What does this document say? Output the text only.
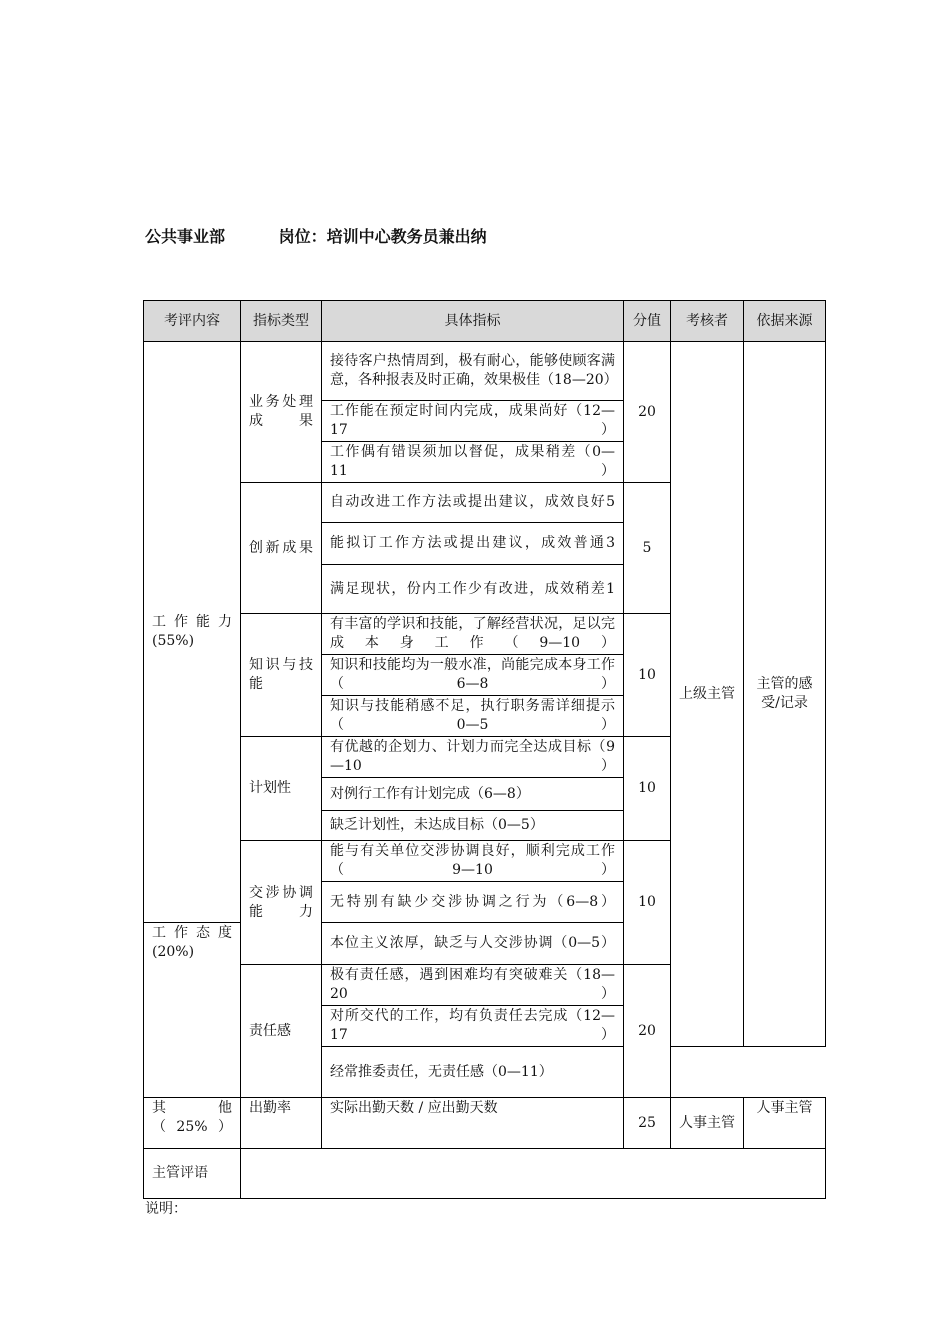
公共事业部	岗位：培训中心教务员兼出纳
考评内容	指标类型	具体指标	分值	考核者	依据来源
工作能力(55%)	业务处理成果	接待客户热情周到，极有耐心，能够使顾客满意，各种报表及时正确，效果极佳（18—20）	20	上级主管	主管的感受/记录
		工作能在预定时间内完成，成果尚好（12—17）			
		工作偶有错误须加以督促，成果稍差（0—11）			
	创新成果	自动改进工作方法或提出建议，成效良好5	5		
		能拟订工作方法或提出建议，成效普通3			
		满足现状，份内工作少有改进，成效稍差1			
	知识与技能	有丰富的学识和技能，了解经营状况，足以完成本身工作（9—10）	10		
		知识和技能均为一般水准，尚能完成本身工作（6—8）			
		知识与技能稍感不足，执行职务需详细提示（0—5）			
	计划性	有优越的企划力、计划力而完全达成目标（9—10）	10		
		对例行工作有计划完成（6—8）			
		缺乏计划性，未达成目标（0—5）			
	交涉协调能力	能与有关单位交涉协调良好，顺利完成工作（9—10）	10		
		无特别有缺少交涉协调之行为（6—8）			
工作态度(20%)		本位主义浓厚，缺乏与人交涉协调（0—5）			
	责任感	极有责任感，遇到困难均有突破难关（18—20）	20		
		对所交代的工作，均有负责任去完成（12—17）			
		经常推委责任，无责任感（0—11）			
其 他（25%）	出勤率	实际出勤天数 / 应出勤天数	25	人事主管	人事主管
主管评语					
说明：
